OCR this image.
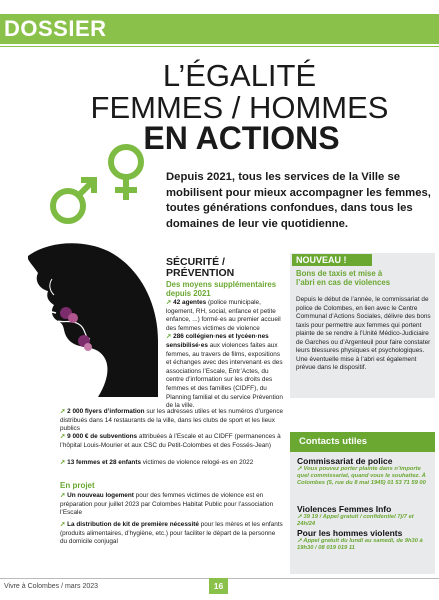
DOSSIER
L’ÉGALITÉ
FEMMES / HOMMES
EN ACTIONS
Depuis 2021, tous les services de la Ville se mobilisent pour mieux accompagner les femmes, toutes générations confondues, dans tous les domaines de leur vie quotidienne.
SÉCURITÉ /
PRÉVENTION
Des moyens supplémentaires depuis 2021
➚ 42 agentes (police municipale, logement, RH, social, enfance et petite enfance, ...) formé·es au premier accueil des femmes victimes de violence
➚ 286 collégien·nes et lycéen·nes sensibilisé·es aux violences faites aux femmes, au travers de films, expositions et échanges avec des intervenant·es des associations l’Escale, Entr’Actes, du centre d’information sur les droits des femmes et des familles (CIDFF), du Planning familial et du service Prévention de la ville.
➚ 2 000 flyers d’information sur les adresses utiles et les numéros d’urgence distribués dans 14 restaurants de la ville, dans les clubs de sport et les lieux publics
➚ 9 000 € de subventions attribuées à l’Escale et au CIDFF (permanences à l’hôpital Louis-Mourier et aux CSC du Petit-Colombes et des Fossés-Jean)
➚ 13 femmes et 28 enfants victimes de violence relogé·es en 2022
En projet
➚ Un nouveau logement pour des femmes victimes de violence est en préparation pour juillet 2023 par Colombes Habitat Public pour l’association l’Escale
➚ La distribution de kit de première nécessité pour les mères et les enfants (produits alimentaires, d’hygiène, etc.) pour faciliter le départ de la personne du domicile conjugal
NOUVEAU !
Bons de taxis et mise à l’abri en cas de violences
Depuis le début de l’année, le commissariat de police de Colombes, en lien avec le Centre Communal d’Actions Sociales, délivre des bons taxis pour permettre aux femmes qui portent plainte de se rendre à l’Unité Médico-Judiciaire de Garches ou d’Argenteuil pour faire constater leurs blessures physiques et psychologiques. Une éventuelle mise à l’abri est également prévue dans le dispositif.
Contacts utiles
Commissariat de police
➚ Vous pouvez porter plainte dans n’importe quel commissariat, quand vous le souhaitez. À Colombes (5, rue du 8 mai 1945) 01 53 71 59 00
Violences Femmes Info
➚ 39 19 / Appel gratuit / confidentiel 7j/7 et 24h/24
Pour les hommes violents
➚ Appel gratuit du lundi au samedi, de 9h30 à 19h30 / 08 019 019 11
Vivre à Colombes / mars 2023	16
